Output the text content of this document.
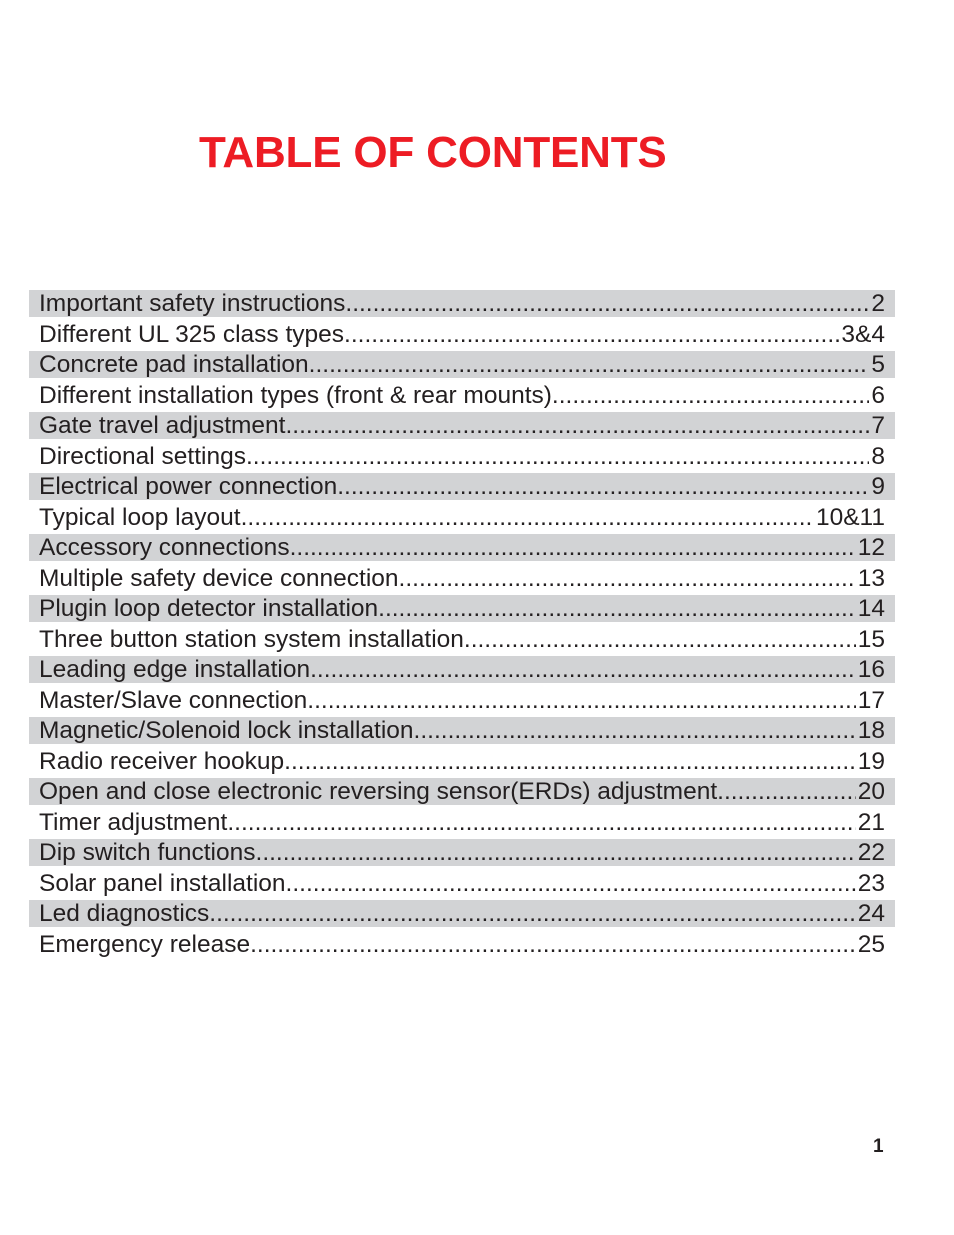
TABLE OF CONTENTS
Important safety instructions .....	2
Different UL 325 class types .....	3&4
Concrete pad installation .....	5
Different installation types (front & rear mounts) .....	6
Gate travel adjustment .....	7
Directional settings .....	8
Electrical power connection .....	9
Typical loop layout .....	10&11
Accessory connections .....	12
Multiple safety device connection .....	13
Plugin loop detector installation .....	14
Three button station system installation .....	15
Leading edge installation .....	16
Master/Slave connection .....	17
Magnetic/Solenoid lock installation .....	18
Radio receiver hookup .....	19
Open and close electronic reversing sensor(ERDs) adjustment .....	20
Timer adjustment .....	21
Dip switch functions .....	22
Solar panel installation .....	23
Led diagnostics .....	24
Emergency release .....	25
1
